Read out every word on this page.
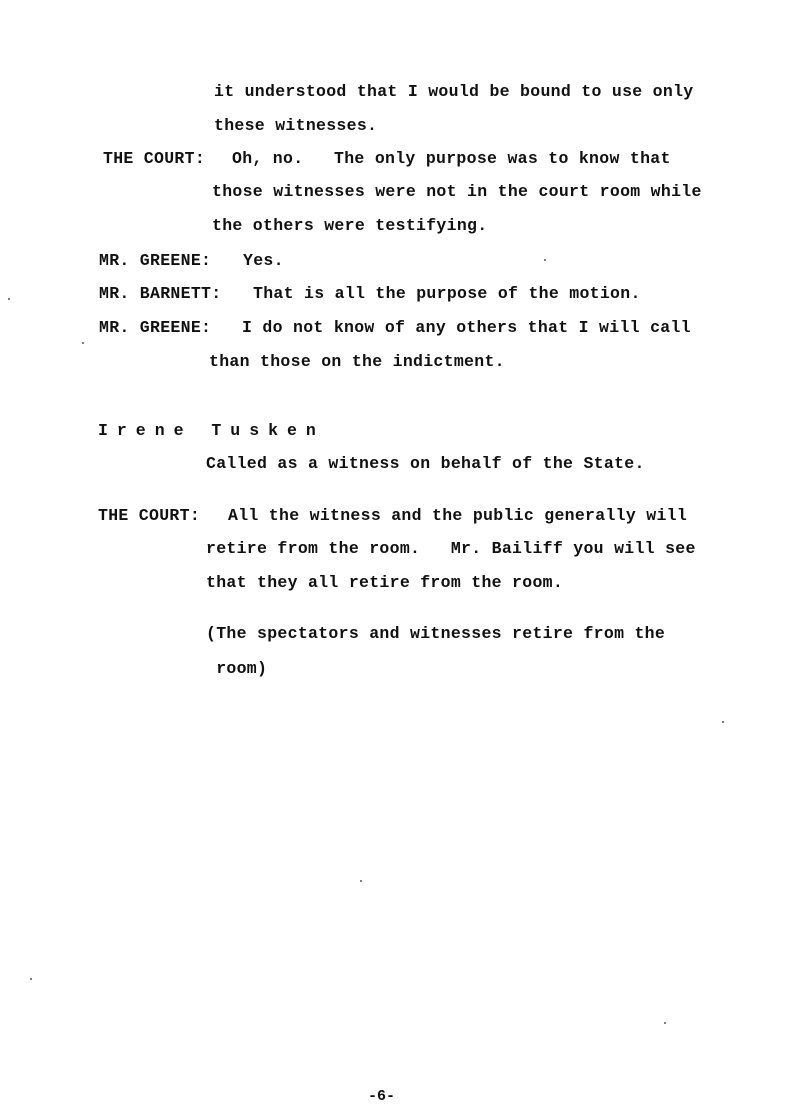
it understood that I would be bound to use only
these witnesses.
THE COURT: Oh, no.   The only purpose was to know that
those witnesses were not in the court room while
the others were testifying.
MR. GREENE: Yes.
MR. BARNETT: That is all the purpose of the motion.
MR. GREENE: I do not know of any others that I will call
than those on the indictment.
Irene Tusken
Called as a witness on behalf of the State.
THE COURT: All the witness and the public generally will
retire from the room.   Mr. Bailiff you will see
that they all retire from the room.
(The spectators and witnesses retire from the
room)
-6-
